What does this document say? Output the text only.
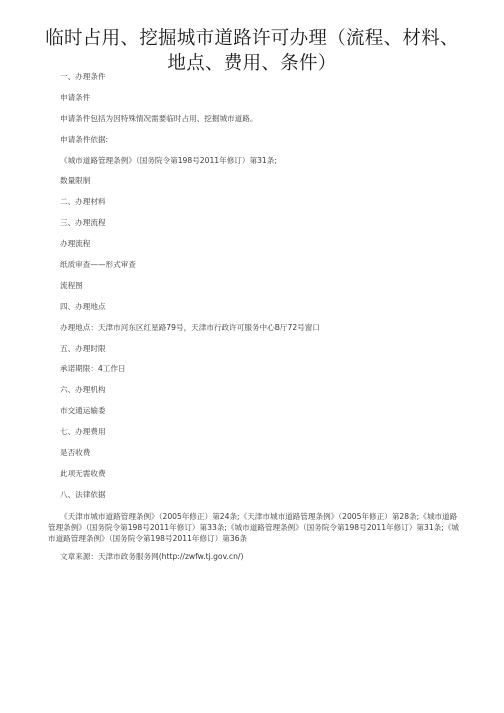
临时占用、挖掘城市道路许可办理（流程、材料、地点、费用、条件）
一、办理条件
申请条件
申请条件包括为因特殊情况需要临时占用、挖掘城市道路。
申请条件依据:
《城市道路管理条例》（国务院令第198号2011年修订）第31条;
数量限制
二、办理材料
三、办理流程
办理流程
纸质审查——形式审查
流程图
四、办理地点
办理地点：天津市河东区红星路79号，天津市行政许可服务中心B厅72号窗口
五、办理时限
承诺期限：4工作日
六、办理机构
市交通运输委
七、办理费用
是否收费
此项无需收费
八、法律依据
《天津市城市道路管理条例》（2005年修正）第24条;《天津市城市道路管理条例》（2005年修正）第28条;《城市道路管理条例》（国务院令第198号2011年修订）第33条;《城市道路管理条例》（国务院令第198号2011年修订）第31条;《城市道路管理条例》（国务院令第198号2011年修订）第36条
文章来源：天津市政务服务网(http://zwfw.tj.gov.cn/)
